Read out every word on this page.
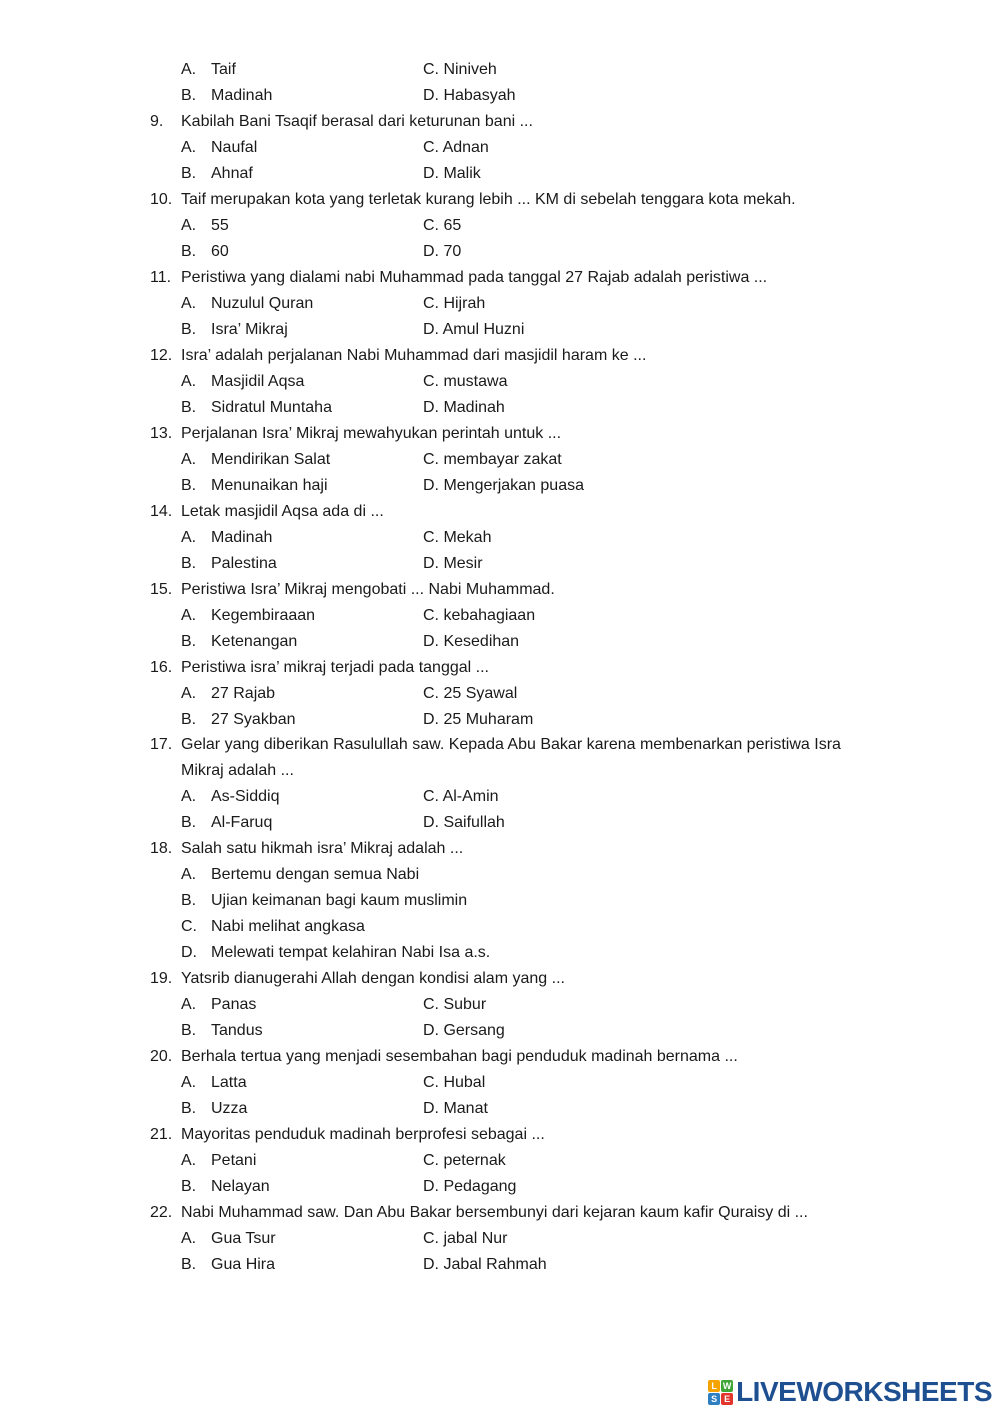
A. Taif	C. Niniveh
B. Madinah	D. Habasyah
9. Kabilah Bani Tsaqif berasal dari keturunan bani ...
A. Naufal	C. Adnan
B. Ahnaf	D. Malik
10. Taif merupakan kota yang terletak kurang lebih ... KM di sebelah tenggara kota mekah.
A. 55	C. 65
B. 60	D. 70
11. Peristiwa yang dialami nabi Muhammad pada tanggal 27 Rajab adalah peristiwa ...
A. Nuzulul Quran	C. Hijrah
B. Isra’ Mikraj	D. Amul Huzni
12. Isra’ adalah perjalanan Nabi Muhammad dari masjidil haram ke ...
A. Masjidil Aqsa	C. mustawa
B. Sidratul Muntaha	D. Madinah
13. Perjalanan Isra’ Mikraj mewahyukan perintah untuk ...
A. Mendirikan Salat	C. membayar zakat
B. Menunaikan haji	D. Mengerjakan puasa
14. Letak masjidil Aqsa ada di ...
A. Madinah	C. Mekah
B. Palestina	D. Mesir
15. Peristiwa Isra’ Mikraj mengobati ... Nabi Muhammad.
A. Kegembiraaan	C. kebahagiaan
B. Ketenangan	D. Kesedihan
16. Peristiwa isra’ mikraj terjadi pada tanggal ...
A. 27 Rajab	C. 25 Syawal
B. 27 Syakban	D. 25 Muharam
17. Gelar yang diberikan Rasulullah saw. Kepada Abu Bakar karena membenarkan peristiwa Isra
Mikraj adalah ...
A. As-Siddiq	C. Al-Amin
B. Al-Faruq	D. Saifullah
18. Salah satu hikmah isra’ Mikraj adalah ...
A. Bertemu dengan semua Nabi
B. Ujian keimanan bagi kaum muslimin
C. Nabi melihat angkasa
D. Melewati tempat kelahiran Nabi Isa a.s.
19. Yatsrib dianugerahi Allah dengan kondisi alam yang ...
A. Panas	C. Subur
B. Tandus	D. Gersang
20. Berhala tertua yang menjadi sesembahan bagi penduduk madinah bernama ...
A. Latta	C. Hubal
B. Uzza	D. Manat
21. Mayoritas penduduk madinah berprofesi sebagai ...
A. Petani	C. peternak
B. Nelayan	D. Pedagang
22. Nabi Muhammad saw. Dan Abu Bakar bersembunyi dari kejaran kaum kafir Quraisy di ...
A. Gua Tsur	C. jabal Nur
B. Gua Hira	D. Jabal Rahmah
L W
S E LIVEWORKSHEETS
